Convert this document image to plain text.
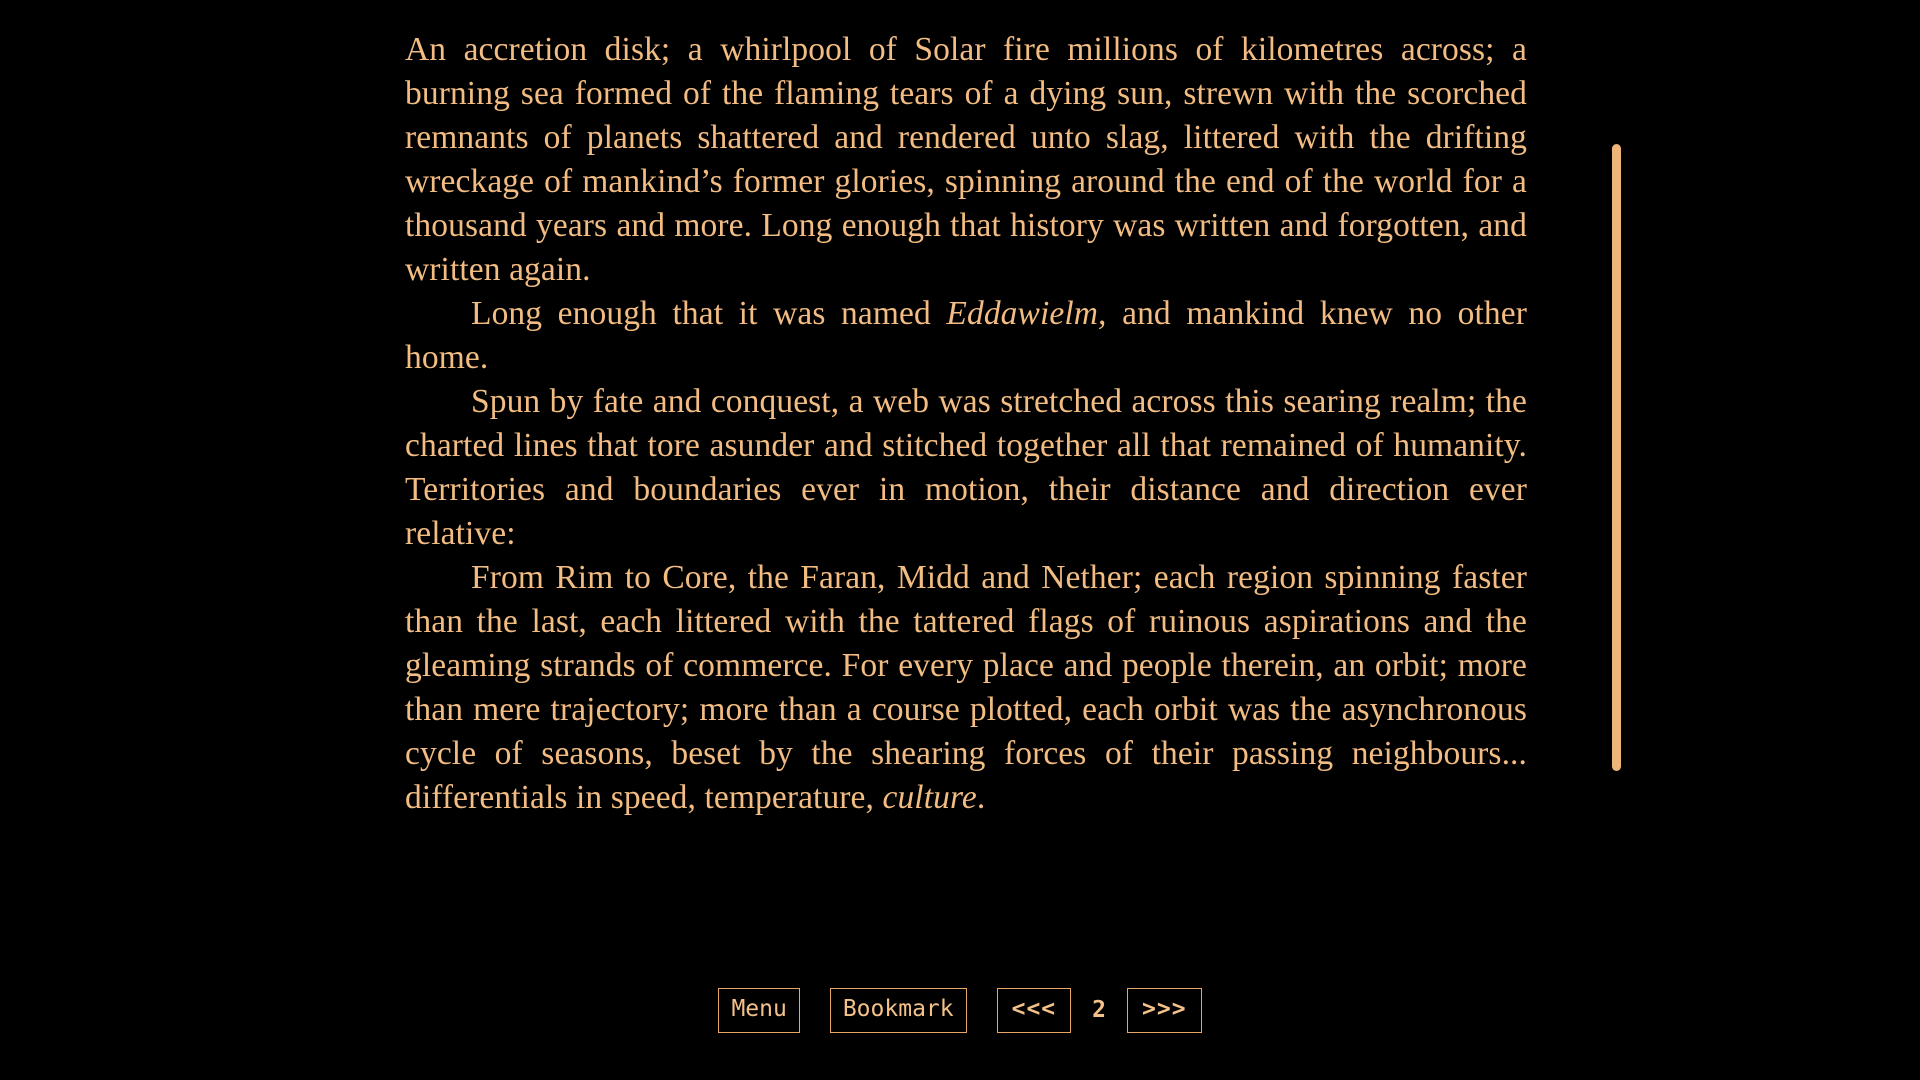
An accretion disk; a whirlpool of Solar fire millions of kilometres across; a burning sea formed of the flaming tears of a dying sun, strewn with the scorched remnants of planets shattered and rendered unto slag, littered with the drifting wreckage of mankind’s former glories, spinning around the end of the world for a thousand years and more. Long enough that history was written and forgotten, and written again.

Long enough that it was named Eddawielm, and mankind knew no other home.

Spun by fate and conquest, a web was stretched across this searing realm; the charted lines that tore asunder and stitched together all that remained of humanity. Territories and boundaries ever in motion, their distance and direction ever relative:

From Rim to Core, the Faran, Midd and Nether; each region spinning faster than the last, each littered with the tattered flags of ruinous aspirations and the gleaming strands of commerce. For every place and people therein, an orbit; more than mere trajectory; more than a course plotted, each orbit was the asynchronous cycle of seasons, beset by the shearing forces of their passing neighbours... differentials in speed, temperature, culture.

Menu	Bookmark	<<<	2	>>>
